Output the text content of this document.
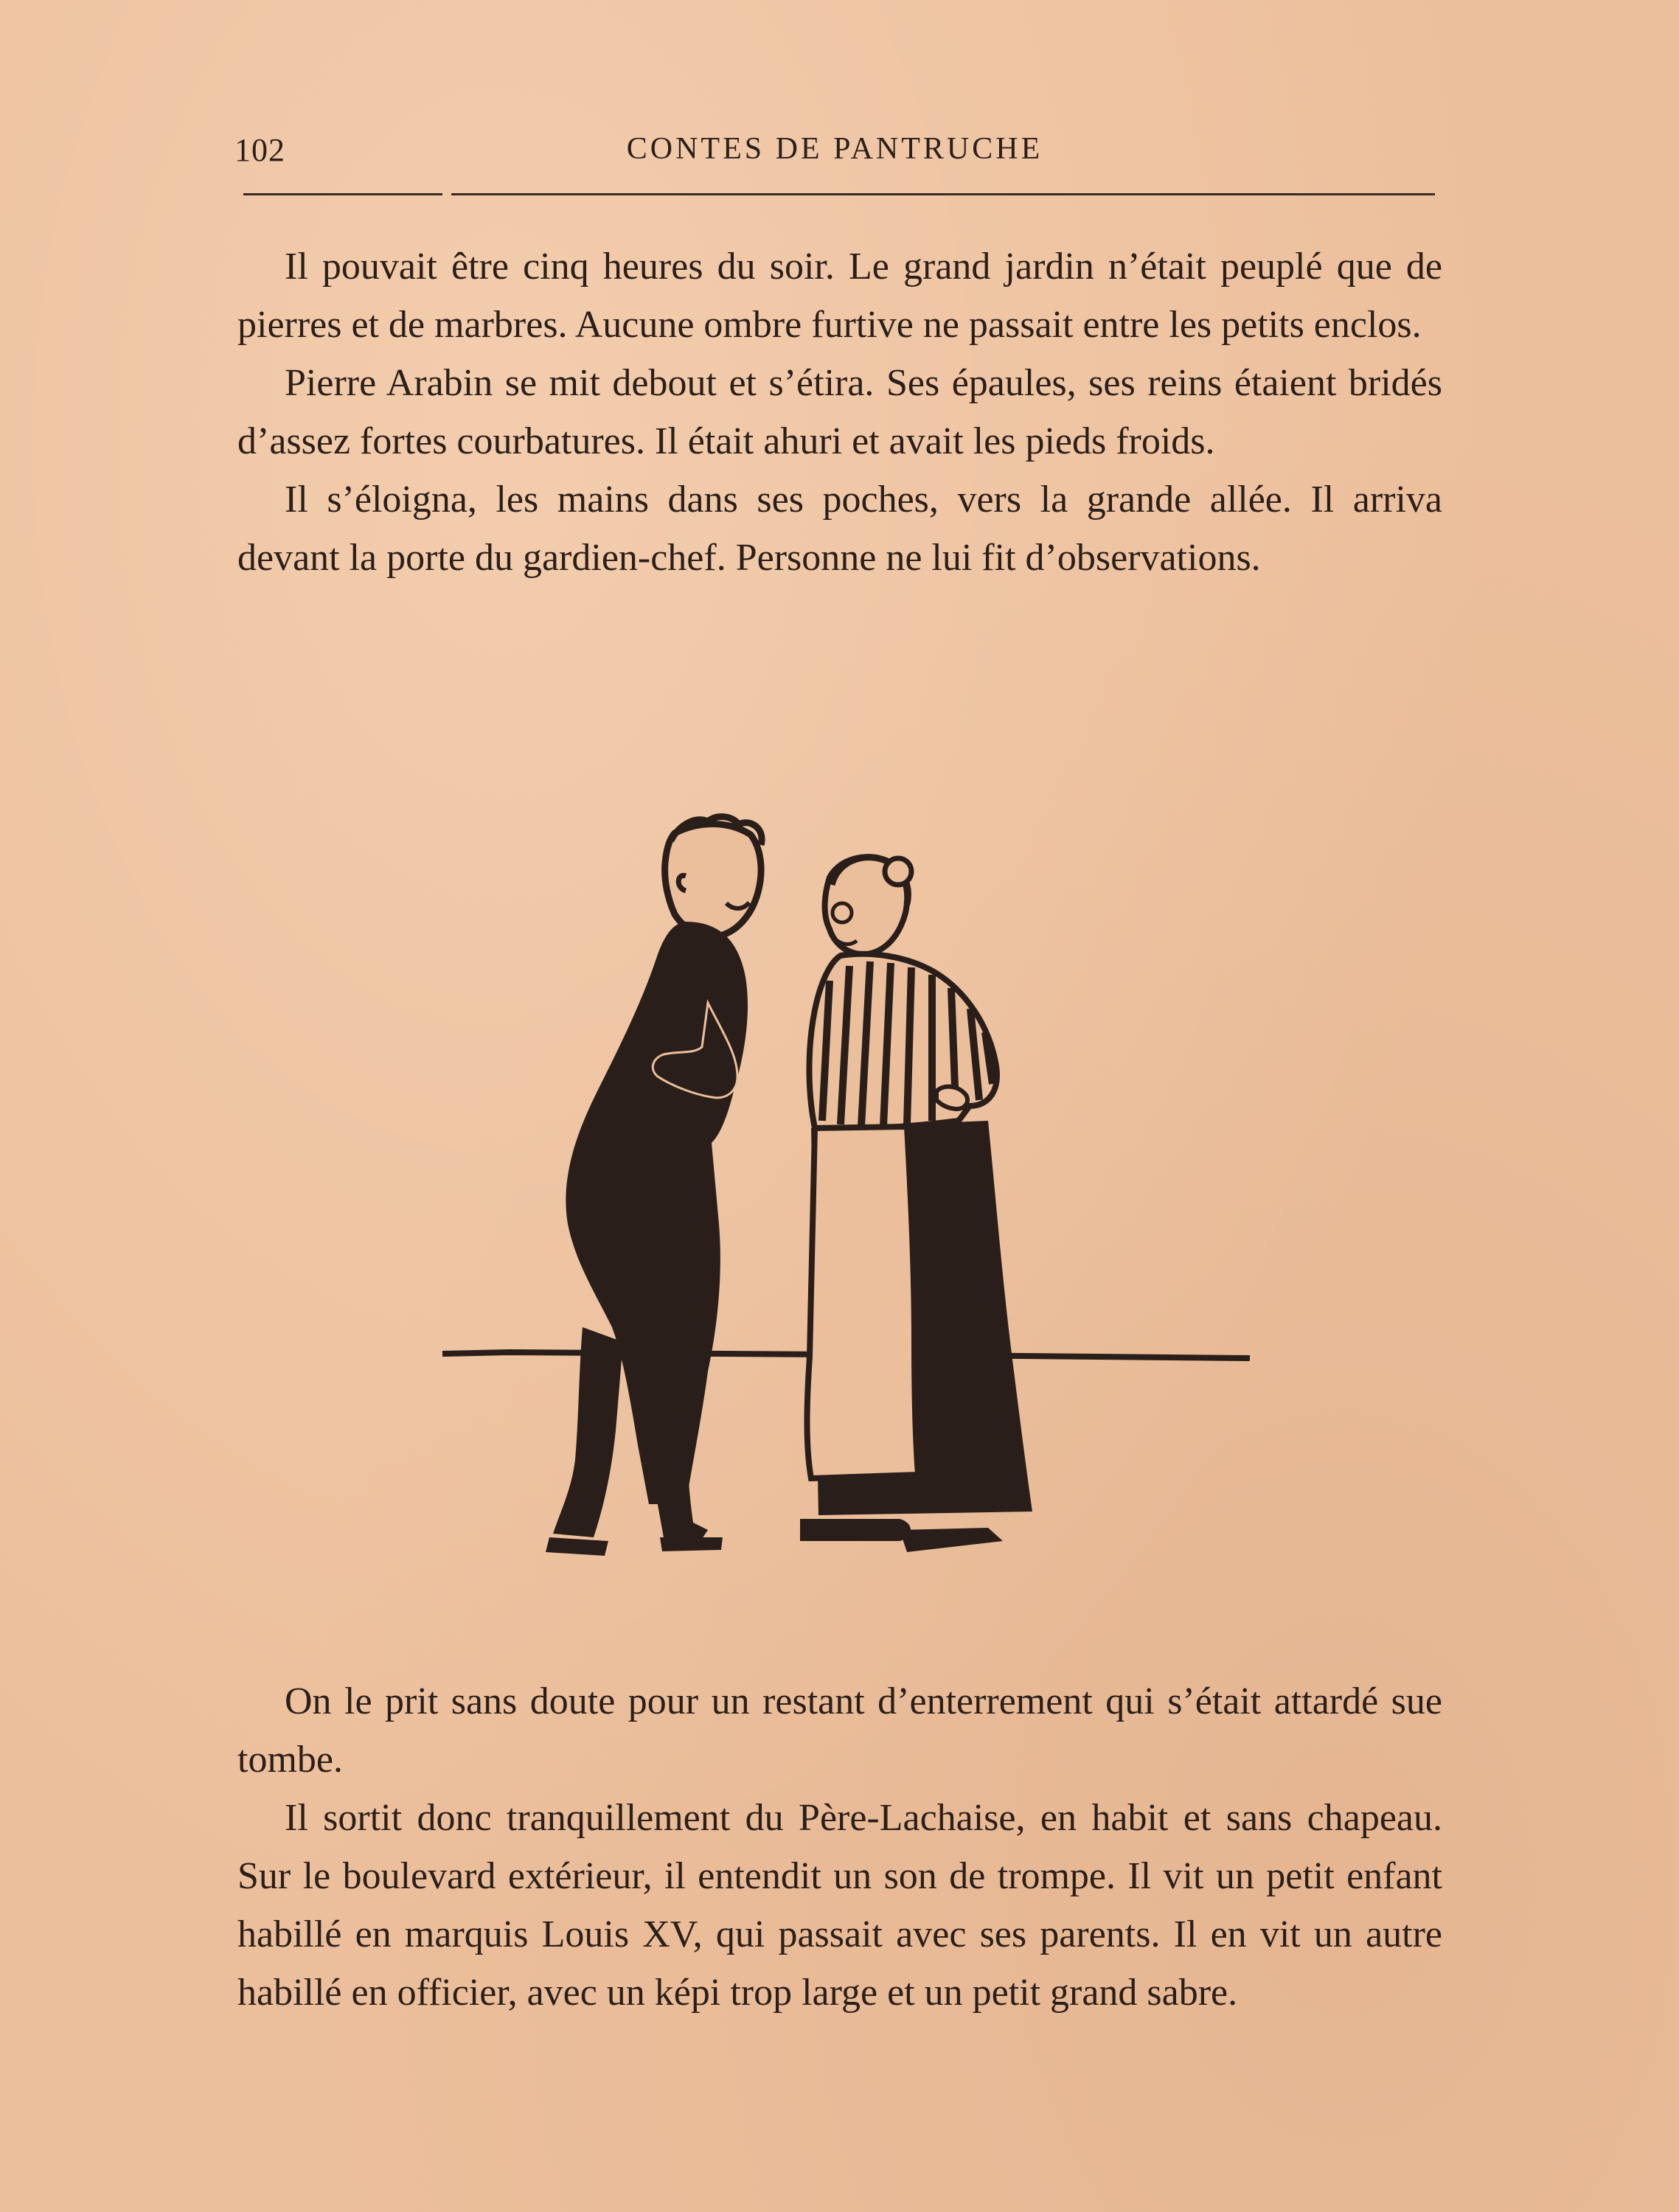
102	CONTES DE PANTRUCHE

Il pouvait être cinq heures du soir. Le grand jardin n’était peuplé que de pierres et de marbres. Aucune ombre furtive ne passait entre les petits enclos.

Pierre Arabin se mit debout et s’étira. Ses épaules, ses reins étaient bridés d’assez fortes courbatures. Il était ahuri et avait les pieds froids.

Il s’éloigna, les mains dans ses poches, vers la grande allée. Il arriva devant la porte du gardien-chef. Personne ne lui fit d’observations.

On le prit sans doute pour un restant d’enterrement qui s’était attardé sue tombe.

Il sortit donc tranquillement du Père-Lachaise, en habit et sans chapeau. Sur le boulevard extérieur, il entendit un son de trompe. Il vit un petit enfant habillé en marquis Louis XV, qui passait avec ses parents. Il en vit un autre habillé en officier, avec un képi trop large et un petit grand sabre.
